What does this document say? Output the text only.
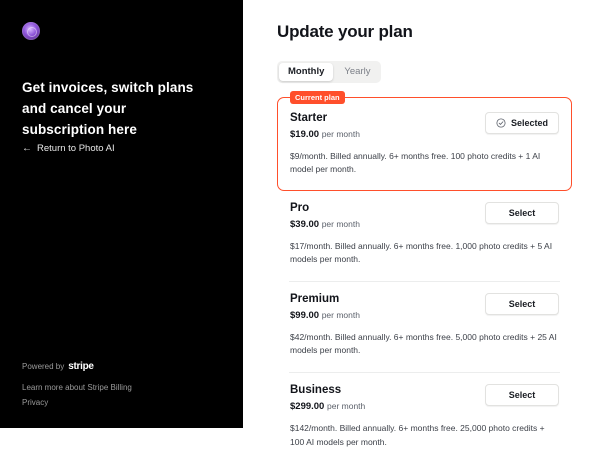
Get invoices, switch plans and cancel your subscription here
← Return to Photo AI
Powered by stripe
Learn more about Stripe Billing
Privacy
Update your plan
Monthly	Yearly
Current plan
Starter
$19.00 per month
Selected
$9/month. Billed annually. 6+ months free. 100 photo credits + 1 AI model per month.
Pro
$39.00 per month
Select
$17/month. Billed annually. 6+ months free. 1,000 photo credits + 5 AI models per month.
Premium
$99.00 per month
Select
$42/month. Billed annually. 6+ months free. 5,000 photo credits + 25 AI models per month.
Business
$299.00 per month
Select
$142/month. Billed annually. 6+ months free. 25,000 photo credits + 100 AI models per month.
